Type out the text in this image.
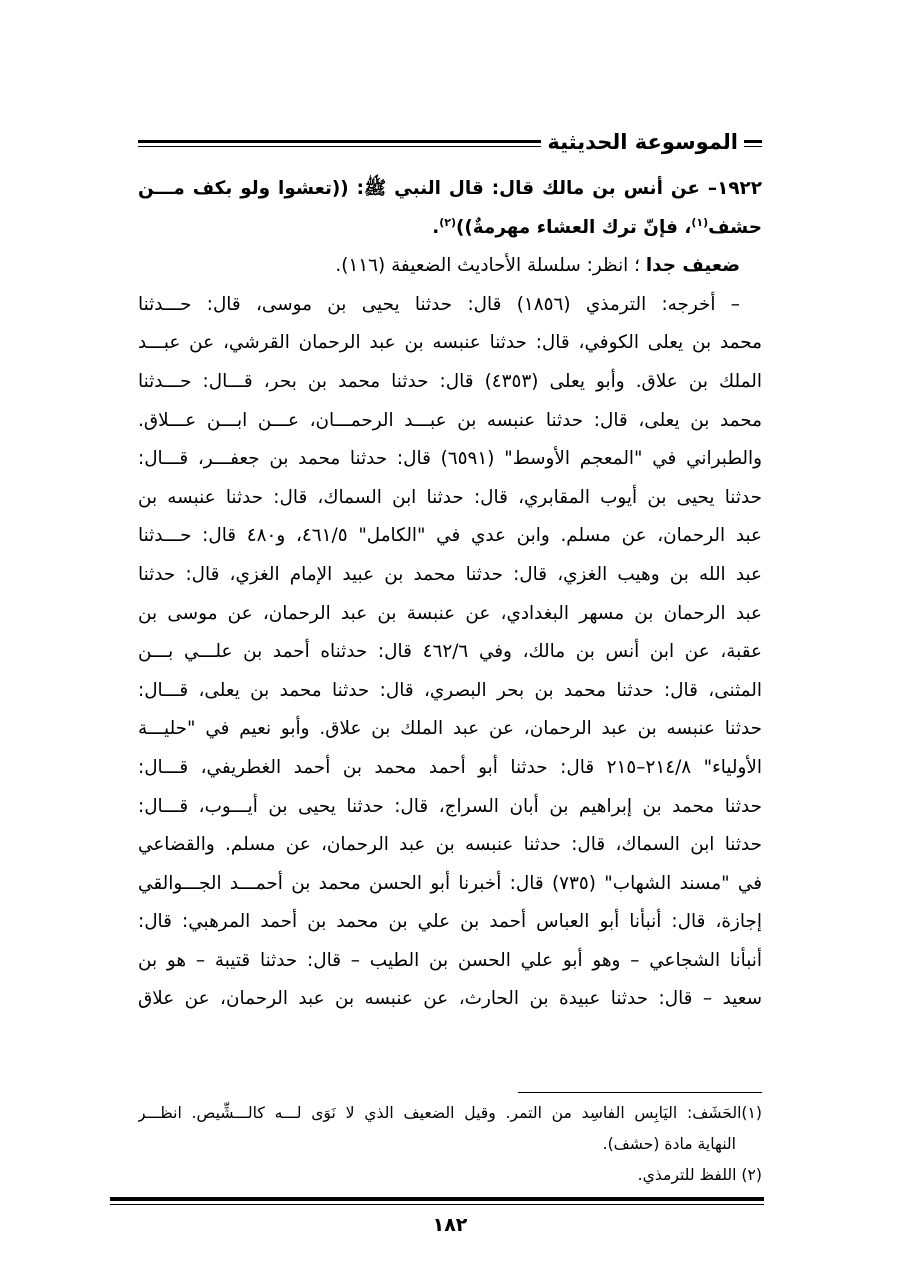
الموسوعة الحديثية
١٩٢٢– عن أنس بن مالك قال: قال النبي ﷺ: ((تعشوا ولو بكف مـــن
حشف$^{(١)}$، فإنّ ترك العشاء مهرمةٌ))$^{(٢)}$.
ضعيف جدا ؛ انظر: سلسلة الأحاديث الضعيفة (١١٦).
– أخرجه: الترمذي (١٨٥٦) قال: حدثنا يحيى بن موسى، قال: حـــدثنا
محمد بن يعلى الكوفي، قال: حدثنا عنبسه بن عبد الرحمان القرشي، عن عبـــد
الملك بن علاق. وأبو يعلى (٤٣٥٣) قال: حدثنا محمد بن بحر، قـــال: حـــدثنا
محمد بن يعلى، قال: حدثنا عنبسه بن عبـــد الرحمـــان، عـــن ابـــن عـــلاق.
والطبراني في "المعجم الأوسط" (٦٥٩١) قال: حدثنا محمد بن جعفـــر، قـــال:
حدثنا يحيى بن أيوب المقابري، قال: حدثنا ابن السماك، قال: حدثنا عنبسه بن
عبد الرحمان، عن مسلم. وابن عدي في "الكامل" ٤٦١/٥، و٤٨٠ قال: حـــدثنا
عبد الله بن وهيب الغزي، قال: حدثنا محمد بن عبيد الإمام الغزي، قال: حدثنا
عبد الرحمان بن مسهر البغدادي، عن عنبسة بن عبد الرحمان، عن موسى بن
عقبة، عن ابن أنس بن مالك، وفي ٤٦٢/٦ قال: حدثناه أحمد بن علـــي بـــن
المثنى، قال: حدثنا محمد بن بحر البصري، قال: حدثنا محمد بن يعلى، قـــال:
حدثنا عنبسه بن عبد الرحمان، عن عبد الملك بن علاق. وأبو نعيم في "حليـــة
الأولياء" ٢١٤/٨–٢١٥ قال: حدثنا أبو أحمد محمد بن أحمد الغطريفي، قـــال:
حدثنا محمد بن إبراهيم بن أبان السراج، قال: حدثنا يحيى بن أيـــوب، قـــال:
حدثنا ابن السماك، قال: حدثنا عنبسه بن عبد الرحمان، عن مسلم. والقضاعي
في "مسند الشهاب" (٧٣٥) قال: أخبرنا أبو الحسن محمد بن أحمـــد الجـــوالقي
إجازة، قال: أنبأنا أبو العباس أحمد بن علي بن محمد بن أحمد المرهبي: قال:
أنبأنا الشجاعي – وهو أبو علي الحسن بن الطيب – قال: حدثنا قتيبة – هو بن
سعيد – قال: حدثنا عبيدة بن الحارث، عن عنبسه بن عبد الرحمان، عن علاق
(١)الحَشَف: اليَابِس الفاسِد من التمر. وقيل الضعيف الذي لا نَوَى لـــه كالـــشِّيص. انظـــر
النهاية مادة (حشف).
(٢) اللفظ للترمذي.
١٨٢
